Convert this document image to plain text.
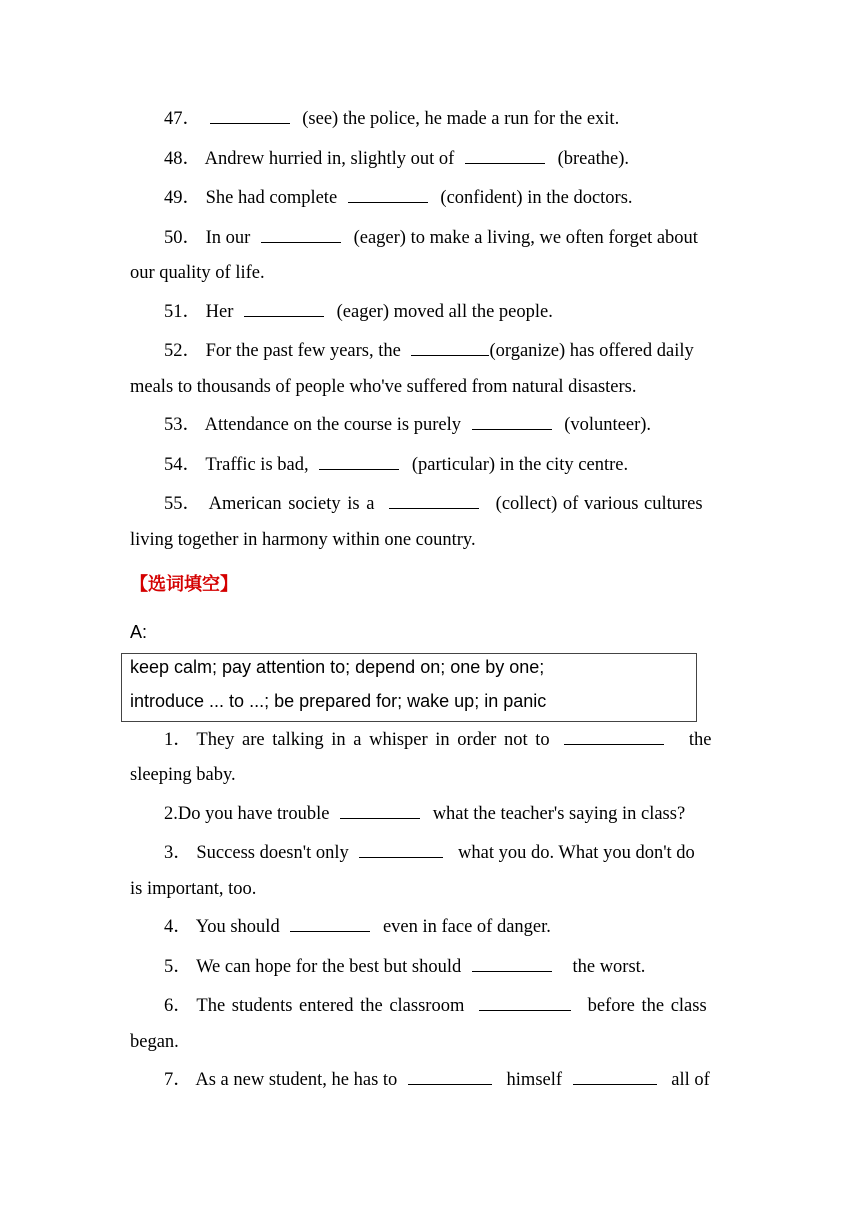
47．	(see) the police, he made a run for the exit.
48． Andrew hurried in, slightly out of	(breathe).
49． She had complete	(confident) in the doctors.
50． In our	(eager) to make a living, we often forget about
our quality of life.
51． Her	(eager) moved all the people.
52． For the past few years, the	(organize) has offered daily
meals to thousands of people who've suffered from natural disasters.
53． Attendance on the course is purely	(volunteer).
54． Traffic is bad,	(particular) in the city centre.
55． American society is a	(collect) of various cultures
living together in harmony within one country.
【选词填空】
A:
keep calm; pay attention to; depend on; one by one;
introduce ... to ...; be prepared for; wake up; in panic
1． They are talking in a whisper in order not to	the
sleeping baby.
2.Do you have trouble	what the teacher's saying in class?
3． Success doesn't only	what you do. What you don't do
is important, too.
4． You should	even in face of danger.
5． We can hope for the best but should	the worst.
6． The students entered the classroom	before the class
began.
7． As a new student, he has to	himself	all of
